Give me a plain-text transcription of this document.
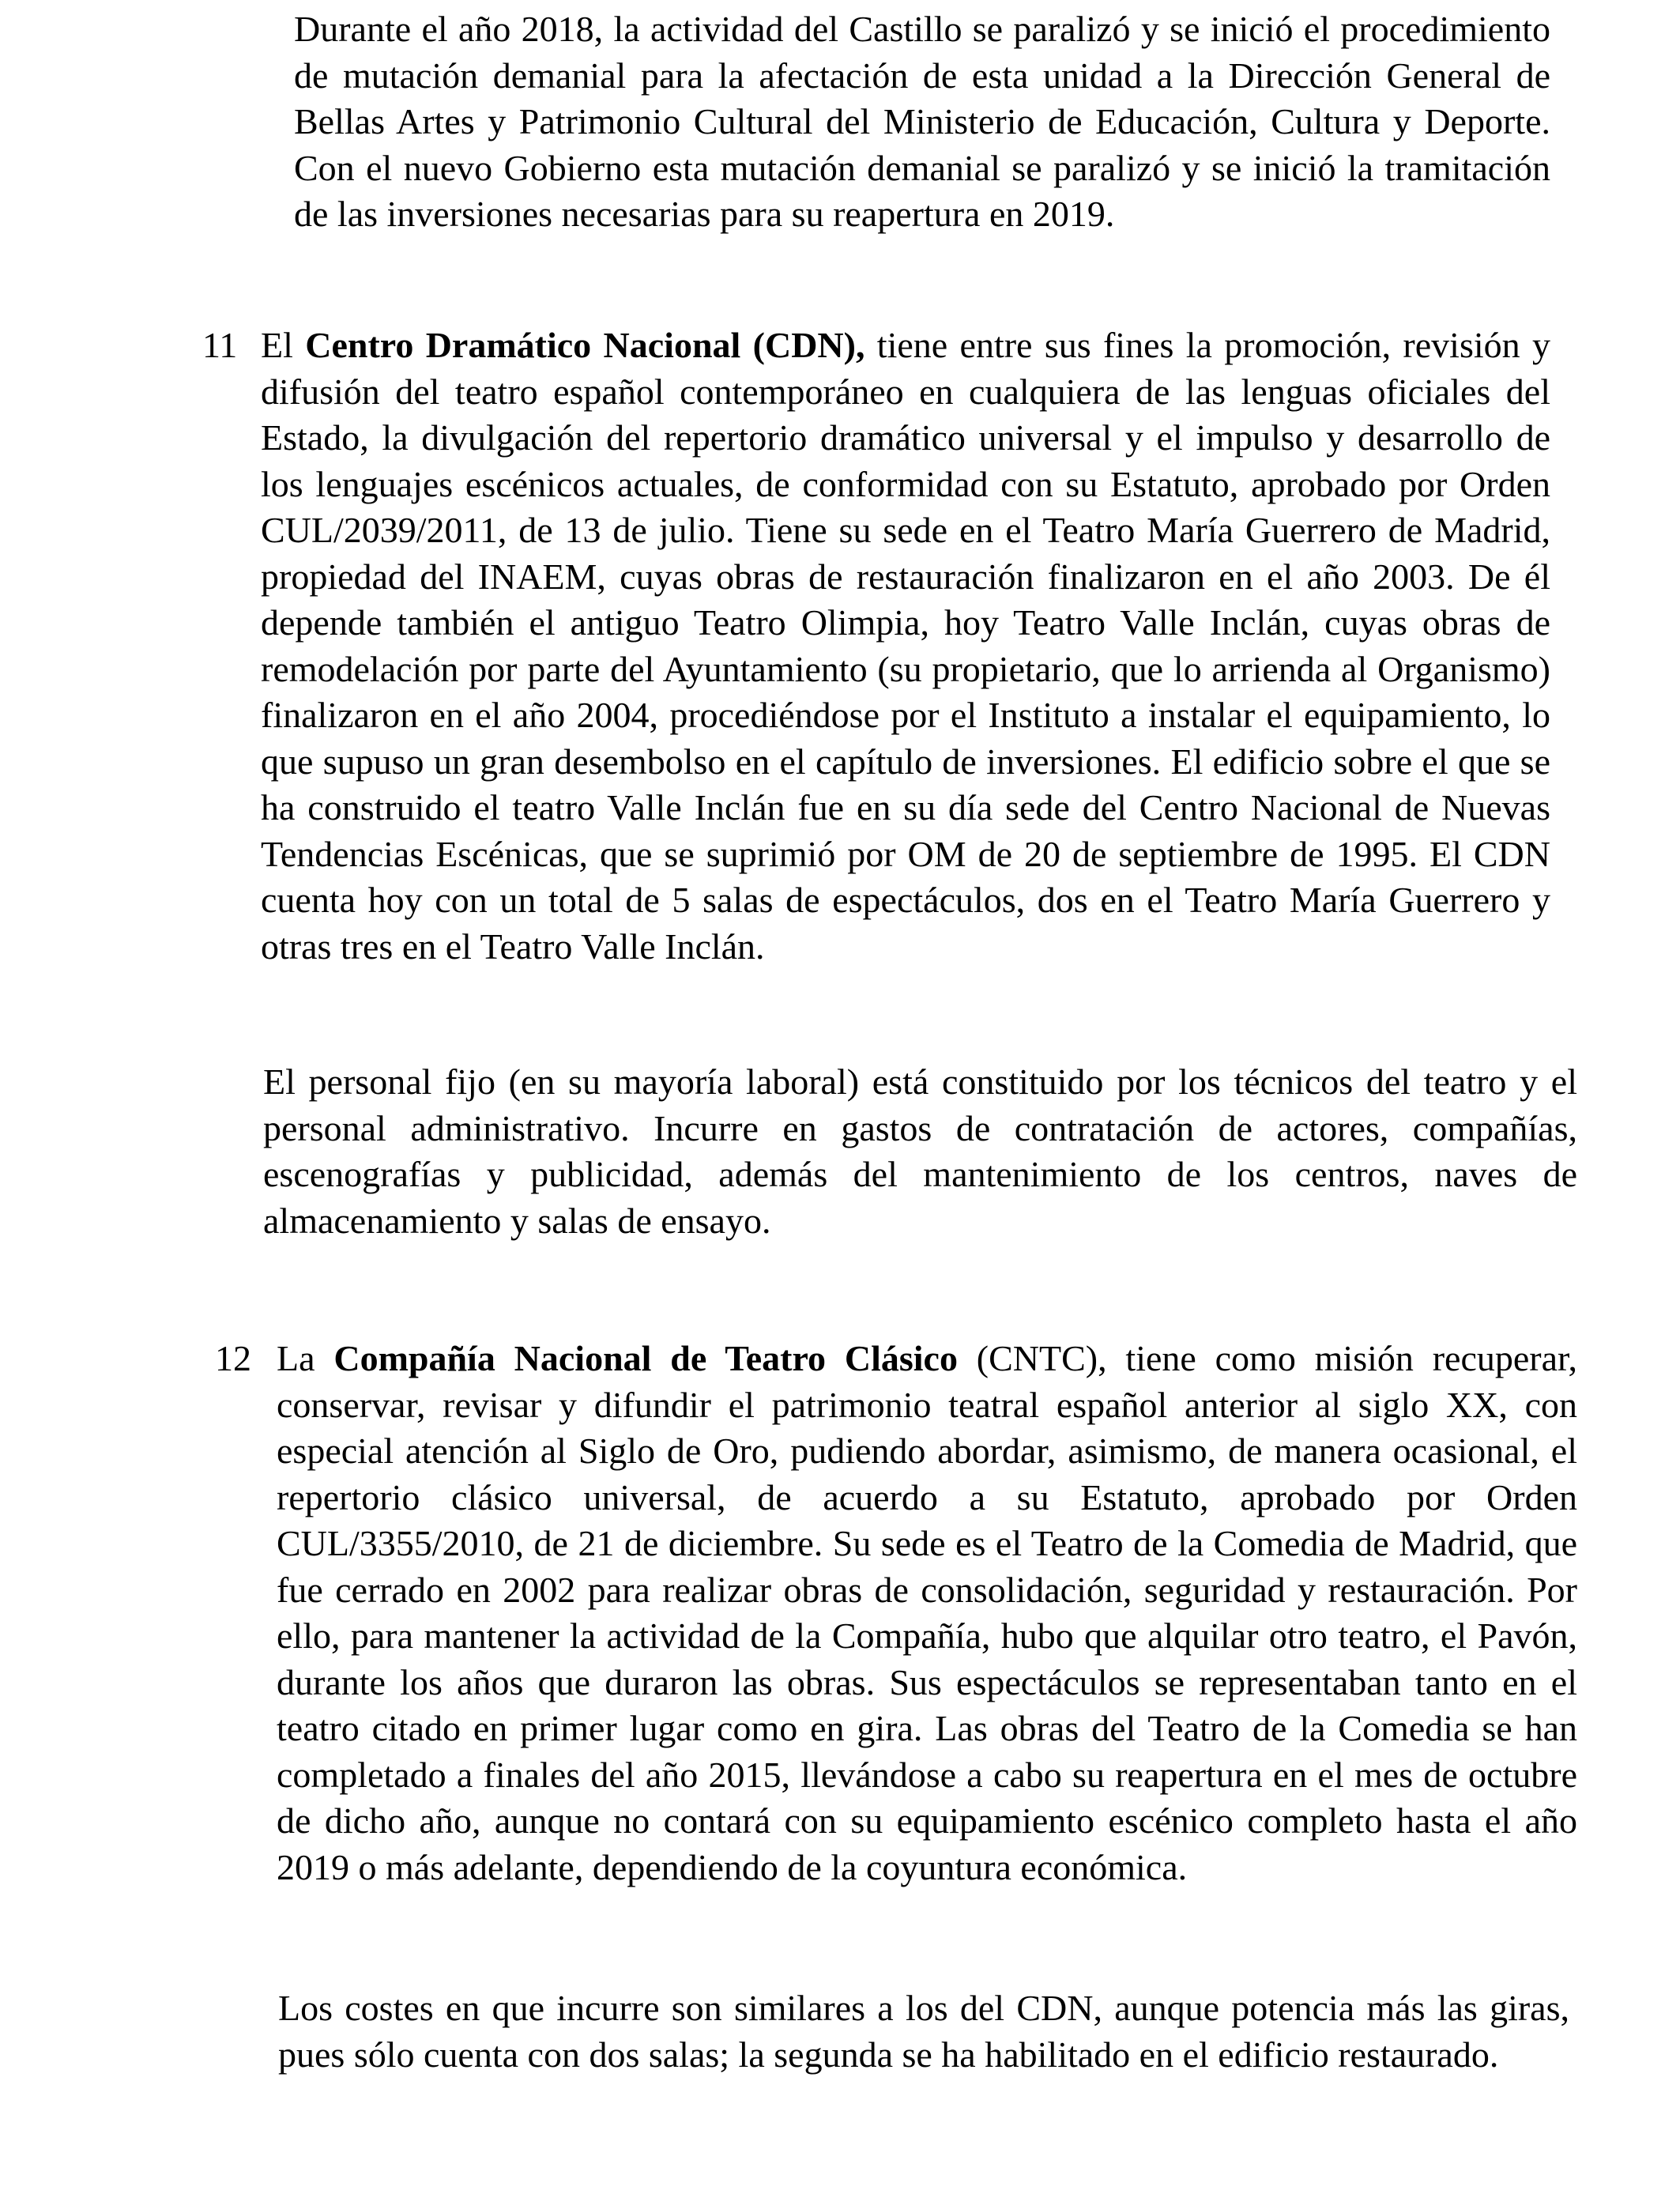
Durante el año 2018, la actividad del Castillo se paralizó y se inició el procedimiento de mutación demanial para la afectación de esta unidad a la Dirección General de Bellas Artes y Patrimonio Cultural del Ministerio de Educación, Cultura y Deporte. Con el nuevo Gobierno esta mutación demanial se paralizó y se inició la tramitación de las inversiones necesarias para su reapertura en 2019.

11 El Centro Dramático Nacional (CDN), tiene entre sus fines la promoción, revisión y difusión del teatro español contemporáneo en cualquiera de las lenguas oficiales del Estado, la divulgación del repertorio dramático universal y el impulso y desarrollo de los lenguajes escénicos actuales, de conformidad con su Estatuto, aprobado por Orden CUL/2039/2011, de 13 de julio. Tiene su sede en el Teatro María Guerrero de Madrid, propiedad del INAEM, cuyas obras de restauración finalizaron en el año 2003. De él depende también el antiguo Teatro Olimpia, hoy Teatro Valle Inclán, cuyas obras de remodelación por parte del Ayuntamiento (su propietario, que lo arrienda al Organismo) finalizaron en el año 2004, procediéndose por el Instituto a instalar el equipamiento, lo que supuso un gran desembolso en el capítulo de inversiones. El edificio sobre el que se ha construido el teatro Valle Inclán fue en su día sede del Centro Nacional de Nuevas Tendencias Escénicas, que se suprimió por OM de 20 de septiembre de 1995. El CDN cuenta hoy con un total de 5 salas de espectáculos, dos en el Teatro María Guerrero y otras tres en el Teatro Valle Inclán.

El personal fijo (en su mayoría laboral) está constituido por los técnicos del teatro y el personal administrativo. Incurre en gastos de contratación de actores, compañías, escenografías y publicidad, además del mantenimiento de los centros, naves de almacenamiento y salas de ensayo.

12 La Compañía Nacional de Teatro Clásico (CNTC), tiene como misión recuperar, conservar, revisar y difundir el patrimonio teatral español anterior al siglo XX, con especial atención al Siglo de Oro, pudiendo abordar, asimismo, de manera ocasional, el repertorio clásico universal, de acuerdo a su Estatuto, aprobado por Orden CUL/3355/2010, de 21 de diciembre. Su sede es el Teatro de la Comedia de Madrid, que fue cerrado en 2002 para realizar obras de consolidación, seguridad y restauración. Por ello, para mantener la actividad de la Compañía, hubo que alquilar otro teatro, el Pavón, durante los años que duraron las obras. Sus espectáculos se representaban tanto en el teatro citado en primer lugar como en gira. Las obras del Teatro de la Comedia se han completado a finales del año 2015, llevándose a cabo su reapertura en el mes de octubre de dicho año, aunque no contará con su equipamiento escénico completo hasta el año 2019 o más adelante, dependiendo de la coyuntura económica.

Los costes en que incurre son similares a los del CDN, aunque potencia más las giras, pues sólo cuenta con dos salas; la segunda se ha habilitado en el edificio restaurado.
